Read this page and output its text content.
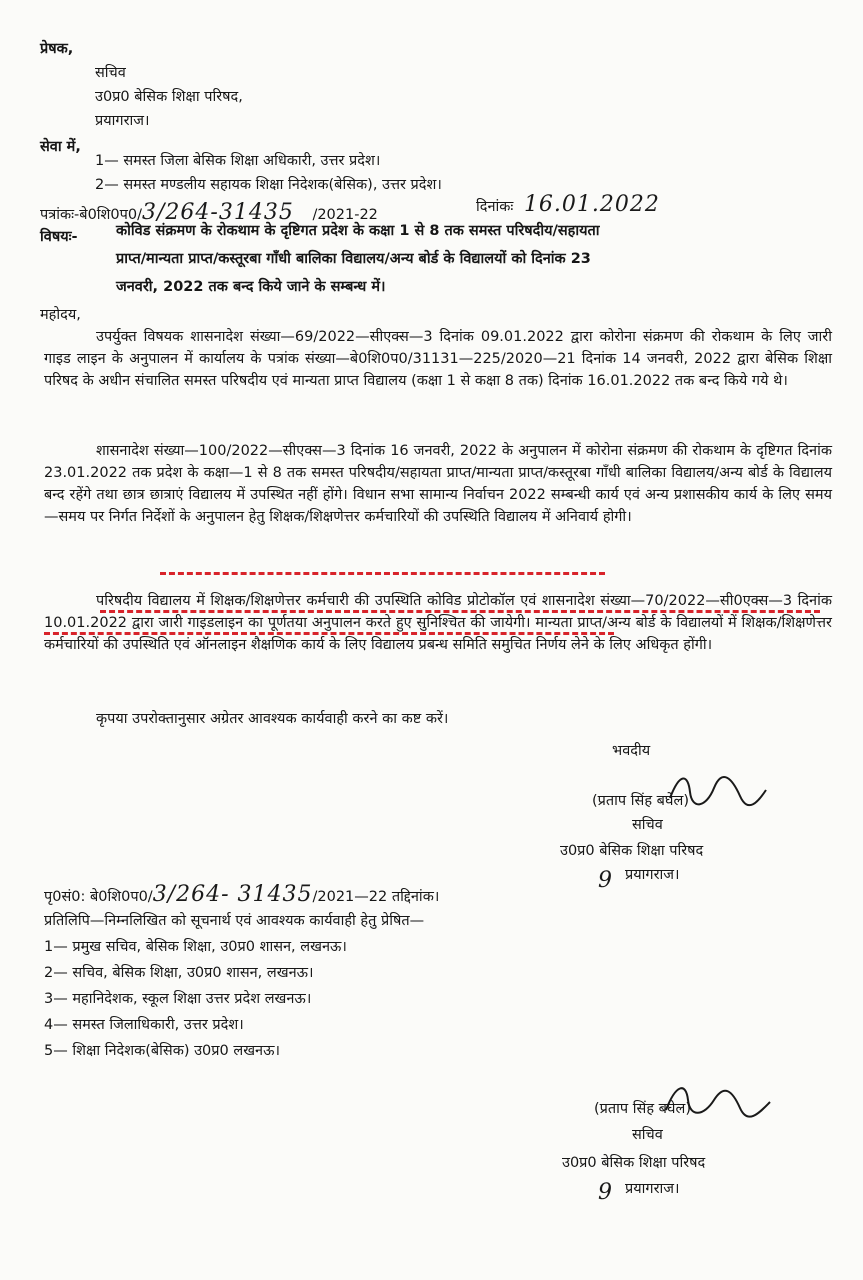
प्रेषक,
सचिव
उ0प्र0 बेसिक शिक्षा परिषद,
प्रयागराज।
सेवा में,
1— समस्त जिला बेसिक शिक्षा अधिकारी, उत्तर प्रदेश।
2— समस्त मण्डलीय सहायक शिक्षा निदेशक(बेसिक), उत्तर प्रदेश।
पत्रांकः-बे0शि0प0/3/264-31435 /2021-22	दिनांकः 16.01.2022
विषयः-	कोविड संक्रमण के रोकथाम के दृष्टिगत प्रदेश के कक्षा 1 से 8 तक समस्त परिषदीय/सहायता
प्राप्त/मान्यता प्राप्त/कस्तूरबा गाँधी बालिका विद्यालय/अन्य बोर्ड के विद्यालयों को दिनांक 23
जनवरी, 2022 तक बन्द किये जाने के सम्बन्ध में।
महोदय,
उपर्युक्त विषयक शासनादेश संख्या—69/2022—सीएक्स—3 दिनांक 09.01.2022 द्वारा कोरोना संक्रमण की रोकथाम के लिए जारी गाइड लाइन के अनुपालन में कार्यालय के पत्रांक संख्या—बे0शि0प0/31131—225/2020—21 दिनांक 14 जनवरी, 2022 द्वारा बेसिक शिक्षा परिषद के अधीन संचालित समस्त परिषदीय एवं मान्यता प्राप्त विद्यालय (कक्षा 1 से कक्षा 8 तक) दिनांक 16.01.2022 तक बन्द किये गये थे।
शासनादेश संख्या—100/2022—सीएक्स—3 दिनांक 16 जनवरी, 2022 के अनुपालन में कोरोना संक्रमण की रोकथाम के दृष्टिगत दिनांक 23.01.2022 तक प्रदेश के कक्षा—1 से 8 तक समस्त परिषदीय/सहायता प्राप्त/मान्यता प्राप्त/कस्तूरबा गाँधी बालिका विद्यालय/अन्य बोर्ड के विद्यालय बन्द रहेंगे तथा छात्र छात्राएं विद्यालय में उपस्थित नहीं होंगे। विधान सभा सामान्य निर्वाचन 2022 सम्बन्धी कार्य एवं अन्य प्रशासकीय कार्य के लिए समय—समय पर निर्गत निर्देशों के अनुपालन हेतु शिक्षक/शिक्षणेत्तर कर्मचारियों की उपस्थिति विद्यालय में अनिवार्य होगी।
परिषदीय विद्यालय में शिक्षक/शिक्षणेत्तर कर्मचारी की उपस्थिति कोविड प्रोटोकॉल एवं शासनादेश संख्या—70/2022—सी0एक्स—3 दिनांक 10.01.2022 द्वारा जारी गाइडलाइन का पूर्णतया अनुपालन करते हुए सुनिश्चित की जायेगी। मान्यता प्राप्त/अन्य बोर्ड के विद्यालयों में शिक्षक/शिक्षणेत्तर कर्मचारियों की उपस्थिति एवं ऑनलाइन शैक्षणिक कार्य के लिए विद्यालय प्रबन्ध समिति समुचित निर्णय लेने के लिए अधिकृत होंगी।
कृपया उपरोक्तानुसार अग्रेतर आवश्यक कार्यवाही करने का कष्ट करें।
भवदीय
(प्रताप सिंह बघेल)
सचिव
उ0प्र0 बेसिक शिक्षा परिषद
9 प्रयागराज।
पृ0सं0: बे0शि0प0/3/264- 31435/2021—22 तद्दिनांक।
प्रतिलिपि—निम्नलिखित को सूचनार्थ एवं आवश्यक कार्यवाही हेतु प्रेषित—
1— प्रमुख सचिव, बेसिक शिक्षा, उ0प्र0 शासन, लखनऊ।
2— सचिव, बेसिक शिक्षा, उ0प्र0 शासन, लखनऊ।
3— महानिदेशक, स्कूल शिक्षा उत्तर प्रदेश लखनऊ।
4— समस्त जिलाधिकारी, उत्तर प्रदेश।
5— शिक्षा निदेशक(बेसिक) उ0प्र0 लखनऊ।
(प्रताप सिंह बघेल)
सचिव
उ0प्र0 बेसिक शिक्षा परिषद
9 प्रयागराज।
